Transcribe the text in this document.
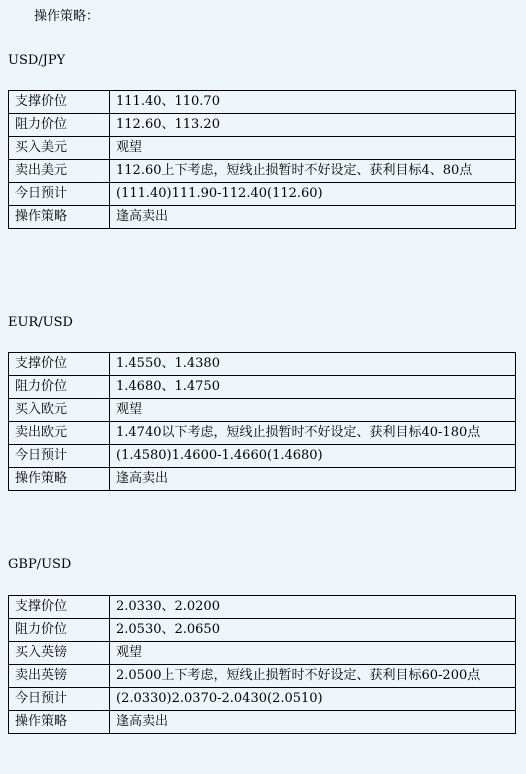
操作策略：
USD/JPY
支撑价位	111.40、110.70
阻力价位	112.60、113.20
买入美元	观望
卖出美元	112.60上下考虑，短线止损暂时不好设定、获利目标4、80点
今日预计	(111.40)111.90-112.40(112.60)
操作策略	逢高卖出
EUR/USD
支撑价位	1.4550、1.4380
阻力价位	1.4680、1.4750
买入欧元	观望
卖出欧元	1.4740以下考虑，短线止损暂时不好设定、获利目标40-180点
今日预计	(1.4580)1.4600-1.4660(1.4680)
操作策略	逢高卖出
GBP/USD
支撑价位	2.0330、2.0200
阻力价位	2.0530、2.0650
买入英镑	观望
卖出英镑	2.0500上下考虑，短线止损暂时不好设定、获利目标60-200点
今日预计	(2.0330)2.0370-2.0430(2.0510)
操作策略	逢高卖出
